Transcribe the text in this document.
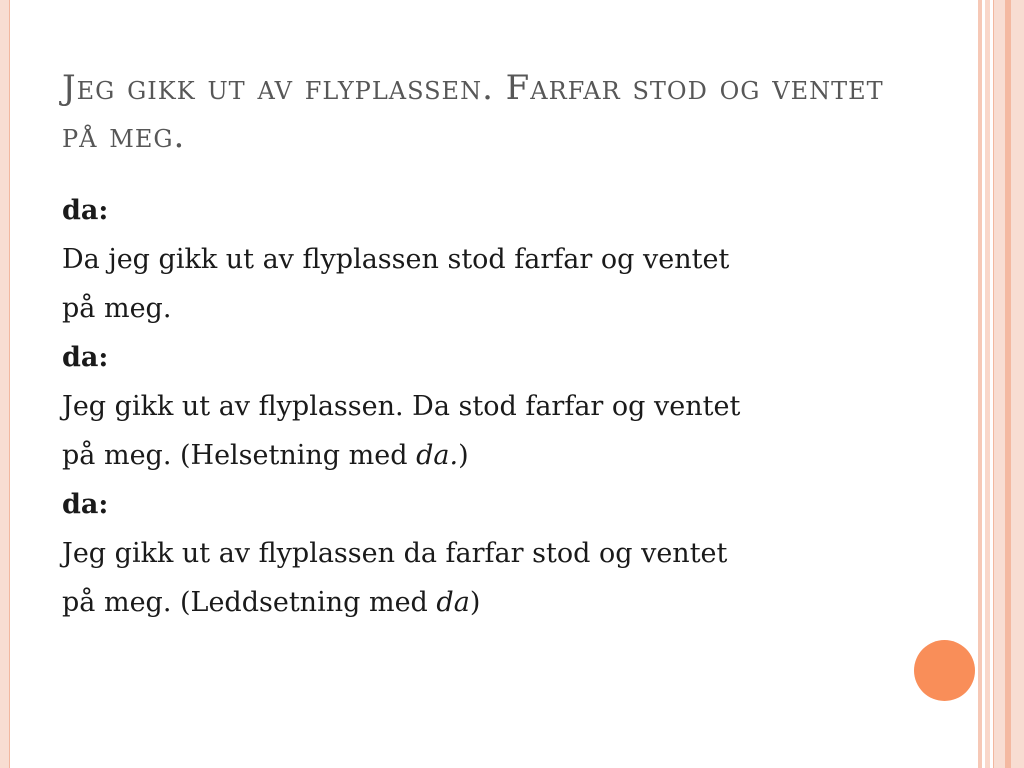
Jeg gikk ut av flyplassen. Farfar stod og ventet på meg.

da:

Da jeg gikk ut av flyplassen stod farfar og ventet

på meg.

da:

Jeg gikk ut av flyplassen. Da stod farfar og ventet

på meg. (Helsetning med da.)

da:

Jeg gikk ut av flyplassen da farfar stod og ventet

på meg. (Leddsetning med da)
